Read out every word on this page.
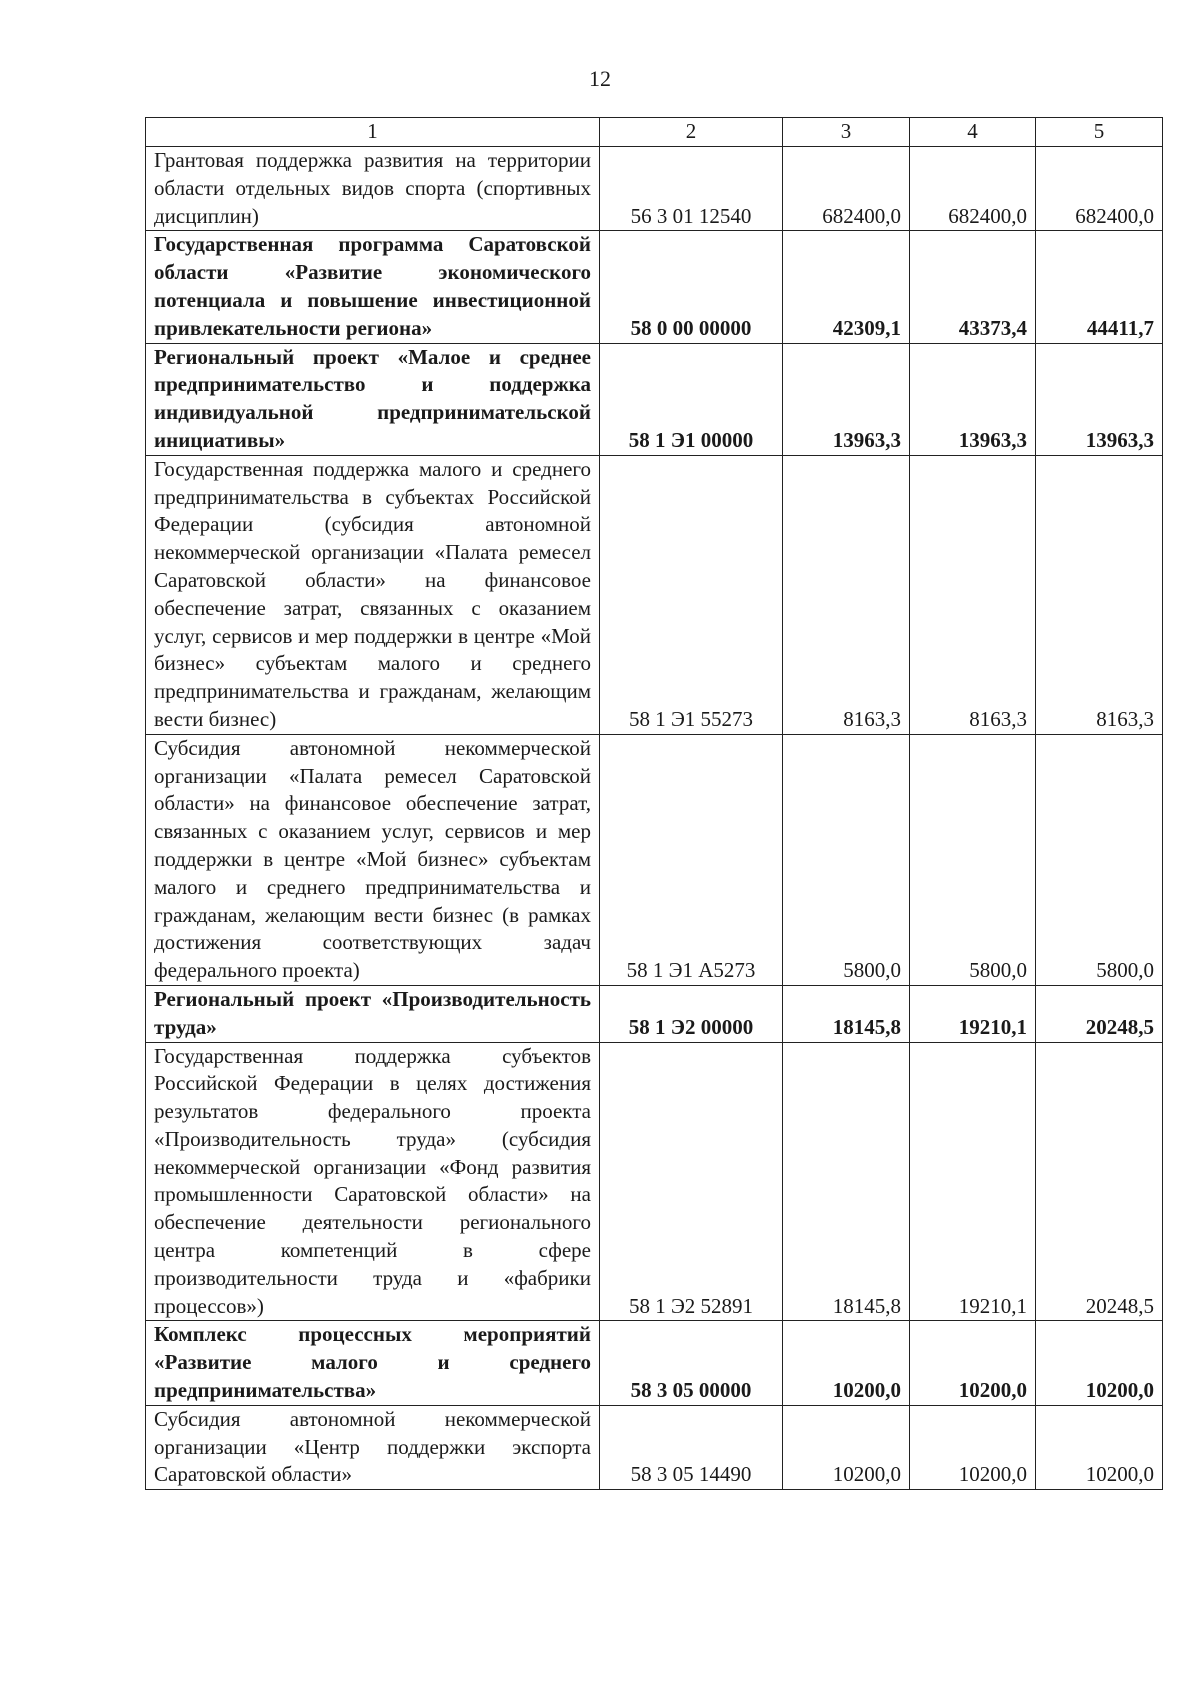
12
1	2	3	4	5
Грантовая поддержка развития на территории области отдельных видов спорта (спортивных дисциплин)	56 3 01 12540	682400,0	682400,0	682400,0
Государственная программа Саратовской области «Развитие экономического потенциала и повышение инвестиционной привлекательности региона»	58 0 00 00000	42309,1	43373,4	44411,7
Региональный проект «Малое и среднее предпринимательство и поддержка индивидуальной предпринимательской инициативы»	58 1 Э1 00000	13963,3	13963,3	13963,3
Государственная поддержка малого и среднего предпринимательства в субъектах Российской Федерации (субсидия автономной некоммерческой организации «Палата ремесел Саратовской области» на финансовое обеспечение затрат, связанных с оказанием услуг, сервисов и мер поддержки в центре «Мой бизнес» субъектам малого и среднего предпринимательства и гражданам, желающим вести бизнес)	58 1 Э1 55273	8163,3	8163,3	8163,3
Субсидия автономной некоммерческой организации «Палата ремесел Саратовской области» на финансовое обеспечение затрат, связанных с оказанием услуг, сервисов и мер поддержки в центре «Мой бизнес» субъектам малого и среднего предпринимательства и гражданам, желающим вести бизнес (в рамках достижения соответствующих задач федерального проекта)	58 1 Э1 А5273	5800,0	5800,0	5800,0
Региональный проект «Производительность труда»	58 1 Э2 00000	18145,8	19210,1	20248,5
Государственная поддержка субъектов Российской Федерации в целях достижения результатов федерального проекта «Производительность труда» (субсидия некоммерческой организации «Фонд развития промышленности Саратовской области» на обеспечение деятельности регионального центра компетенций в сфере производительности труда и «фабрики процессов»)	58 1 Э2 52891	18145,8	19210,1	20248,5
Комплекс процессных мероприятий «Развитие малого и среднего предпринимательства»	58 3 05 00000	10200,0	10200,0	10200,0
Субсидия автономной некоммерческой организации «Центр поддержки экспорта Саратовской области»	58 3 05 14490	10200,0	10200,0	10200,0
